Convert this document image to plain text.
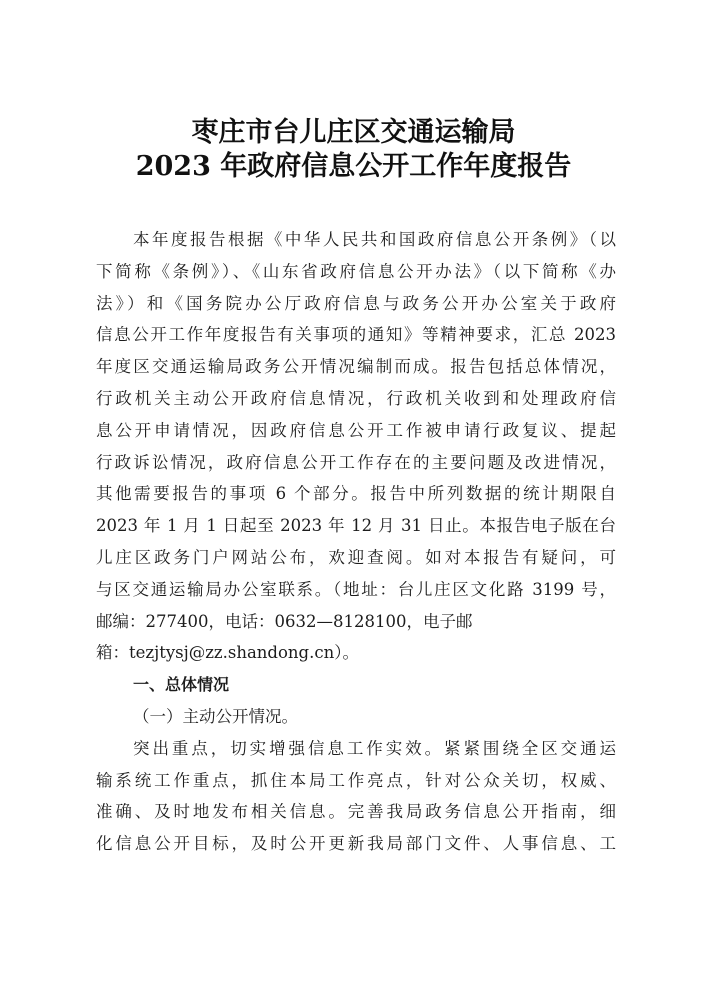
枣庄市台儿庄区交通运输局
2023 年政府信息公开工作年度报告
本年度报告根据《中华人民共和国政府信息公开条例》（以
下简称《条例》）、《山东省政府信息公开办法》（以下简称《办
法》）和《国务院办公厅政府信息与政务公开办公室关于政府
信息公开工作年度报告有关事项的通知》等精神要求，汇总 2023
年度区交通运输局政务公开情况编制而成。报告包括总体情况，
行政机关主动公开政府信息情况，行政机关收到和处理政府信
息公开申请情况，因政府信息公开工作被申请行政复议、提起
行政诉讼情况，政府信息公开工作存在的主要问题及改进情况，
其他需要报告的事项 6 个部分。报告中所列数据的统计期限自
2023 年 1 月 1 日起至 2023 年 12 月 31 日止。本报告电子版在台
儿庄区政务门户网站公布，欢迎查阅。如对本报告有疑问，可
与区交通运输局办公室联系。（地址：台儿庄区文化路 3199 号，
邮编：277400，电话：0632—8128100，电子邮
箱：tezjtysj@zz.shandong.cn）。
一、总体情况
（一）主动公开情况。
突出重点，切实增强信息工作实效。紧紧围绕全区交通运
输系统工作重点，抓住本局工作亮点，针对公众关切，权威、
准确、及时地发布相关信息。完善我局政务信息公开指南，细
化信息公开目标，及时公开更新我局部门文件、人事信息、工
